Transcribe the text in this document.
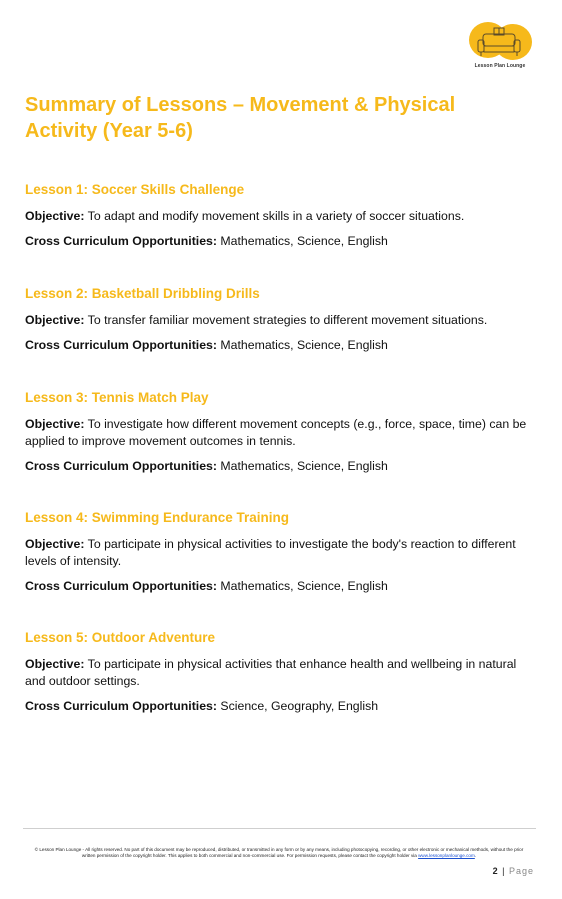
Lesson Plan Lounge
Summary of Lessons – Movement & Physical Activity (Year 5-6)
Lesson 1: Soccer Skills Challenge

Objective: To adapt and modify movement skills in a variety of soccer situations.

Cross Curriculum Opportunities: Mathematics, Science, English

Lesson 2: Basketball Dribbling Drills

Objective: To transfer familiar movement strategies to different movement situations.

Cross Curriculum Opportunities: Mathematics, Science, English

Lesson 3: Tennis Match Play

Objective: To investigate how different movement concepts (e.g., force, space, time) can be applied to improve movement outcomes in tennis.

Cross Curriculum Opportunities: Mathematics, Science, English

Lesson 4: Swimming Endurance Training

Objective: To participate in physical activities to investigate the body's reaction to different levels of intensity.

Cross Curriculum Opportunities: Mathematics, Science, English

Lesson 5: Outdoor Adventure

Objective: To participate in physical activities that enhance health and wellbeing in natural and outdoor settings.

Cross Curriculum Opportunities: Science, Geography, English

© Lesson Plan Lounge - All rights reserved. No part of this document may be reproduced, distributed, or transmitted in any form or by any means, including photocopying, recording, or other electronic or mechanical methods, without the prior written permission of the copyright holder. This applies to both commercial and non-commercial use. For permission requests, please contact the copyright holder via www.lessonplanlounge.com.
2 | Page
